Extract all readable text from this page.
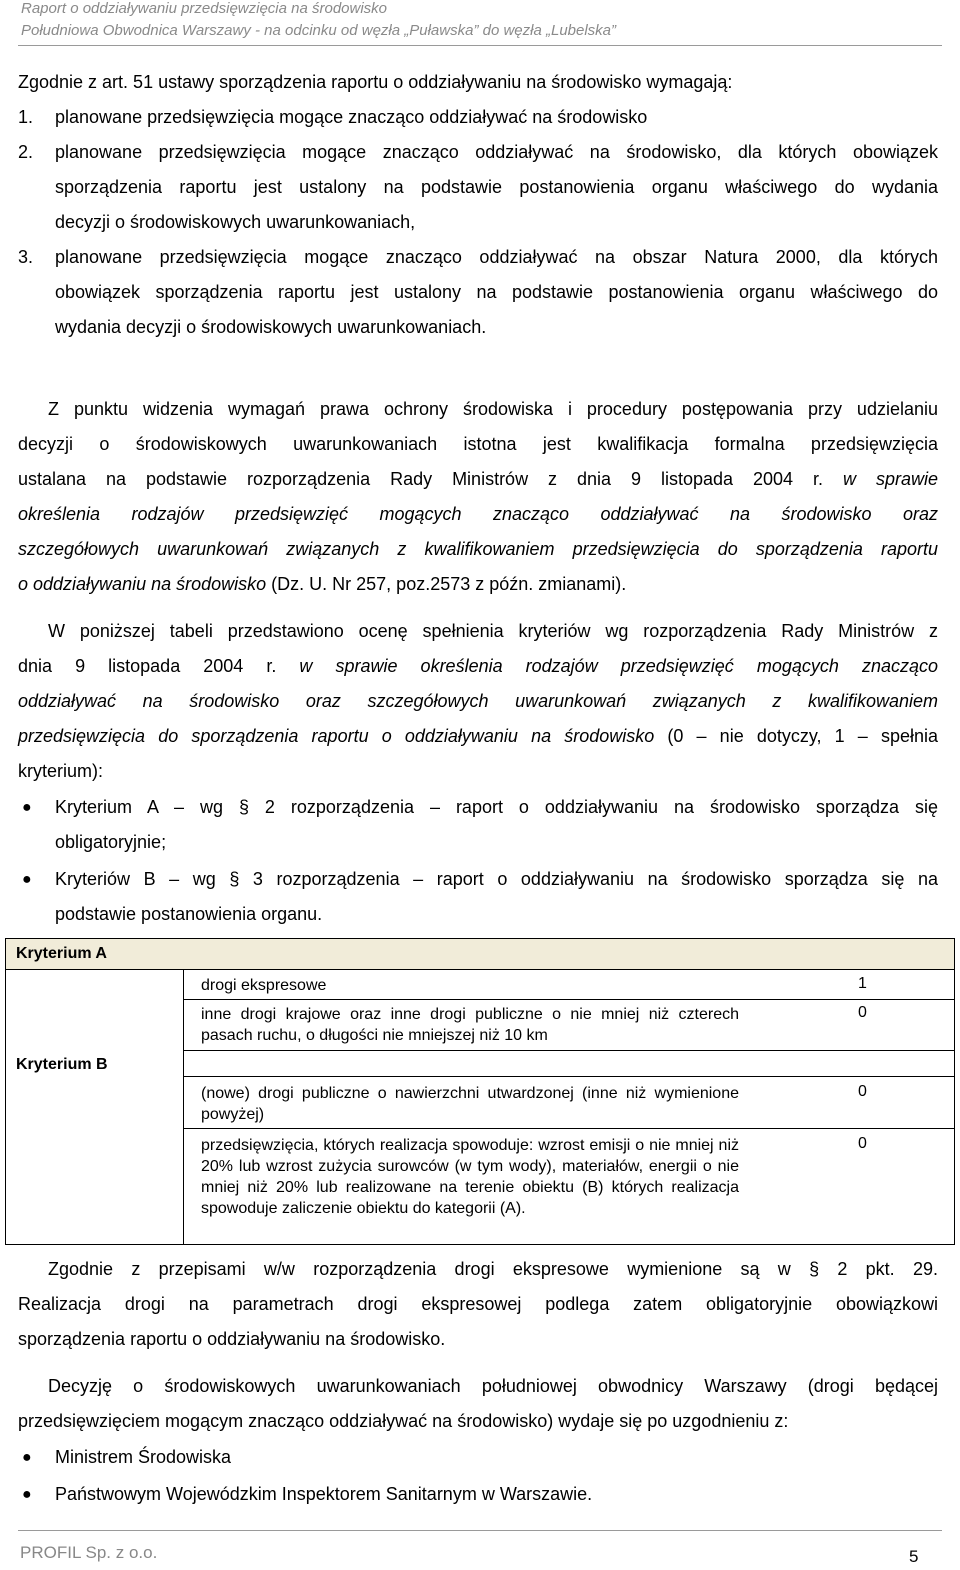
Raport o oddziaływaniu przedsięwzięcia na środowisko
Południowa Obwodnica Warszawy - na odcinku od węzła „Puławska” do węzła „Lubelska”
Zgodnie z art. 51 ustawy sporządzenia raportu o oddziaływaniu na środowisko wymagają:
1. planowane przedsięwzięcia mogące znacząco oddziaływać na środowisko
2. planowane przedsięwzięcia mogące znacząco oddziaływać na środowisko, dla których obowiązek
sporządzenia raportu jest ustalony na podstawie postanowienia organu właściwego do wydania
decyzji o środowiskowych uwarunkowaniach,
3. planowane przedsięwzięcia mogące znacząco oddziaływać na obszar Natura 2000, dla których
obowiązek sporządzenia raportu jest ustalony na podstawie postanowienia organu właściwego do
wydania decyzji o środowiskowych uwarunkowaniach.
Z punktu widzenia wymagań prawa ochrony środowiska i procedury postępowania przy udzielaniu
decyzji o środowiskowych uwarunkowaniach istotna jest kwalifikacja formalna przedsięwzięcia
ustalana na podstawie rozporządzenia Rady Ministrów z dnia 9 listopada 2004 r. w sprawie
określenia rodzajów przedsięwzięć mogących znacząco oddziaływać na środowisko oraz
szczegółowych uwarunkowań związanych z kwalifikowaniem przedsięwzięcia do sporządzenia raportu
o oddziaływaniu na środowisko (Dz. U. Nr 257, poz.2573 z późn. zmianami).
W poniższej tabeli przedstawiono ocenę spełnienia kryteriów wg rozporządzenia Rady Ministrów z
dnia 9 listopada 2004 r. w sprawie określenia rodzajów przedsięwzięć mogących znacząco
oddziaływać na środowisko oraz szczegółowych uwarunkowań związanych z kwalifikowaniem
przedsięwzięcia do sporządzenia raportu o oddziaływaniu na środowisko (0 – nie dotyczy, 1 – spełnia
kryterium):
● Kryterium A – wg § 2 rozporządzenia – raport o oddziaływaniu na środowisko sporządza się
obligatoryjnie;
● Kryteriów B – wg § 3 rozporządzenia – raport o oddziaływaniu na środowisko sporządza się na
podstawie postanowienia organu.
Kryterium A
Kryterium B
drogi ekspresowe	1
inne drogi krajowe oraz inne drogi publiczne o nie mniej niż czterech pasach ruchu, o długości nie mniejszej niż 10 km
0
(nowe) drogi publiczne o nawierzchni utwardzonej (inne niż wymienione powyżej)
0
przedsięwzięcia, których realizacja spowoduje: wzrost emisji o nie mniej niż 20% lub wzrost zużycia surowców (w tym wody), materiałów, energii o nie mniej niż 20% lub realizowane na terenie obiektu (B) których realizacja spowoduje zaliczenie obiektu do kategorii (A).
0
Zgodnie z przepisami w/w rozporządzenia drogi ekspresowe wymienione są w § 2 pkt. 29.
Realizacja drogi na parametrach drogi ekspresowej podlega zatem obligatoryjnie obowiązkowi
sporządzenia raportu o oddziaływaniu na środowisko.
Decyzję o środowiskowych uwarunkowaniach południowej obwodnicy Warszawy (drogi będącej
przedsięwzięciem mogącym znacząco oddziaływać na środowisko) wydaje się po uzgodnieniu z:
● Ministrem Środowiska
● Państwowym Wojewódzkim Inspektorem Sanitarnym w Warszawie.
PROFIL Sp. z o.o.	5
